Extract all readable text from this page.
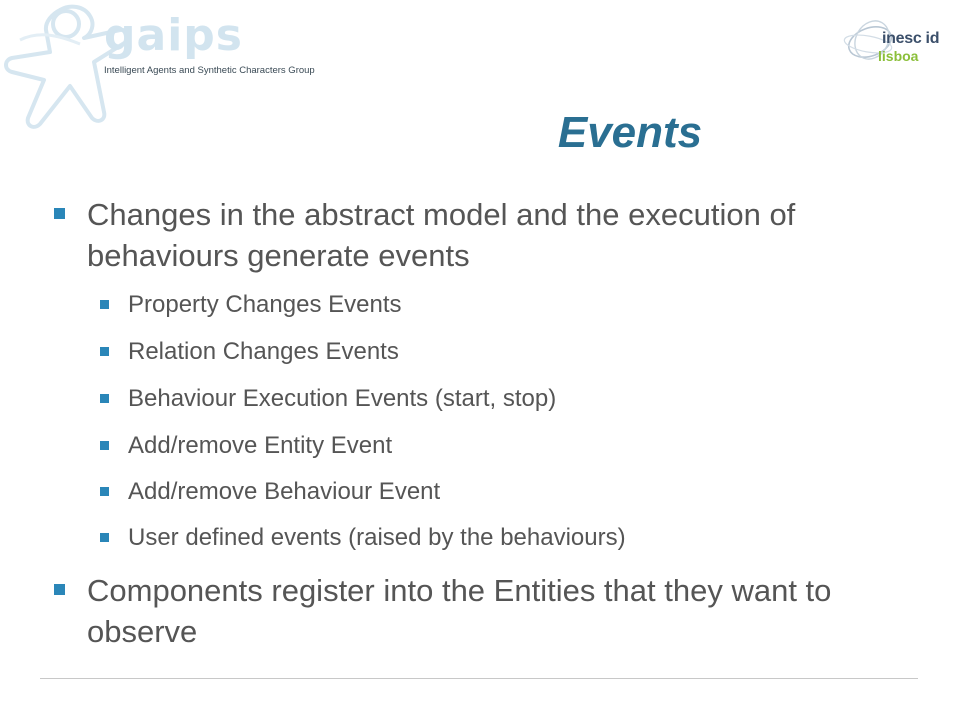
gaips
Intelligent Agents and Synthetic Characters Group
inesc id
lisboa
Events
Changes in the abstract model and the execution of behaviours generate events
Property Changes Events
Relation Changes Events
Behaviour Execution Events (start, stop)
Add/remove Entity Event
Add/remove Behaviour Event
User defined events (raised by the behaviours)
Components register into the Entities that they want to observe
